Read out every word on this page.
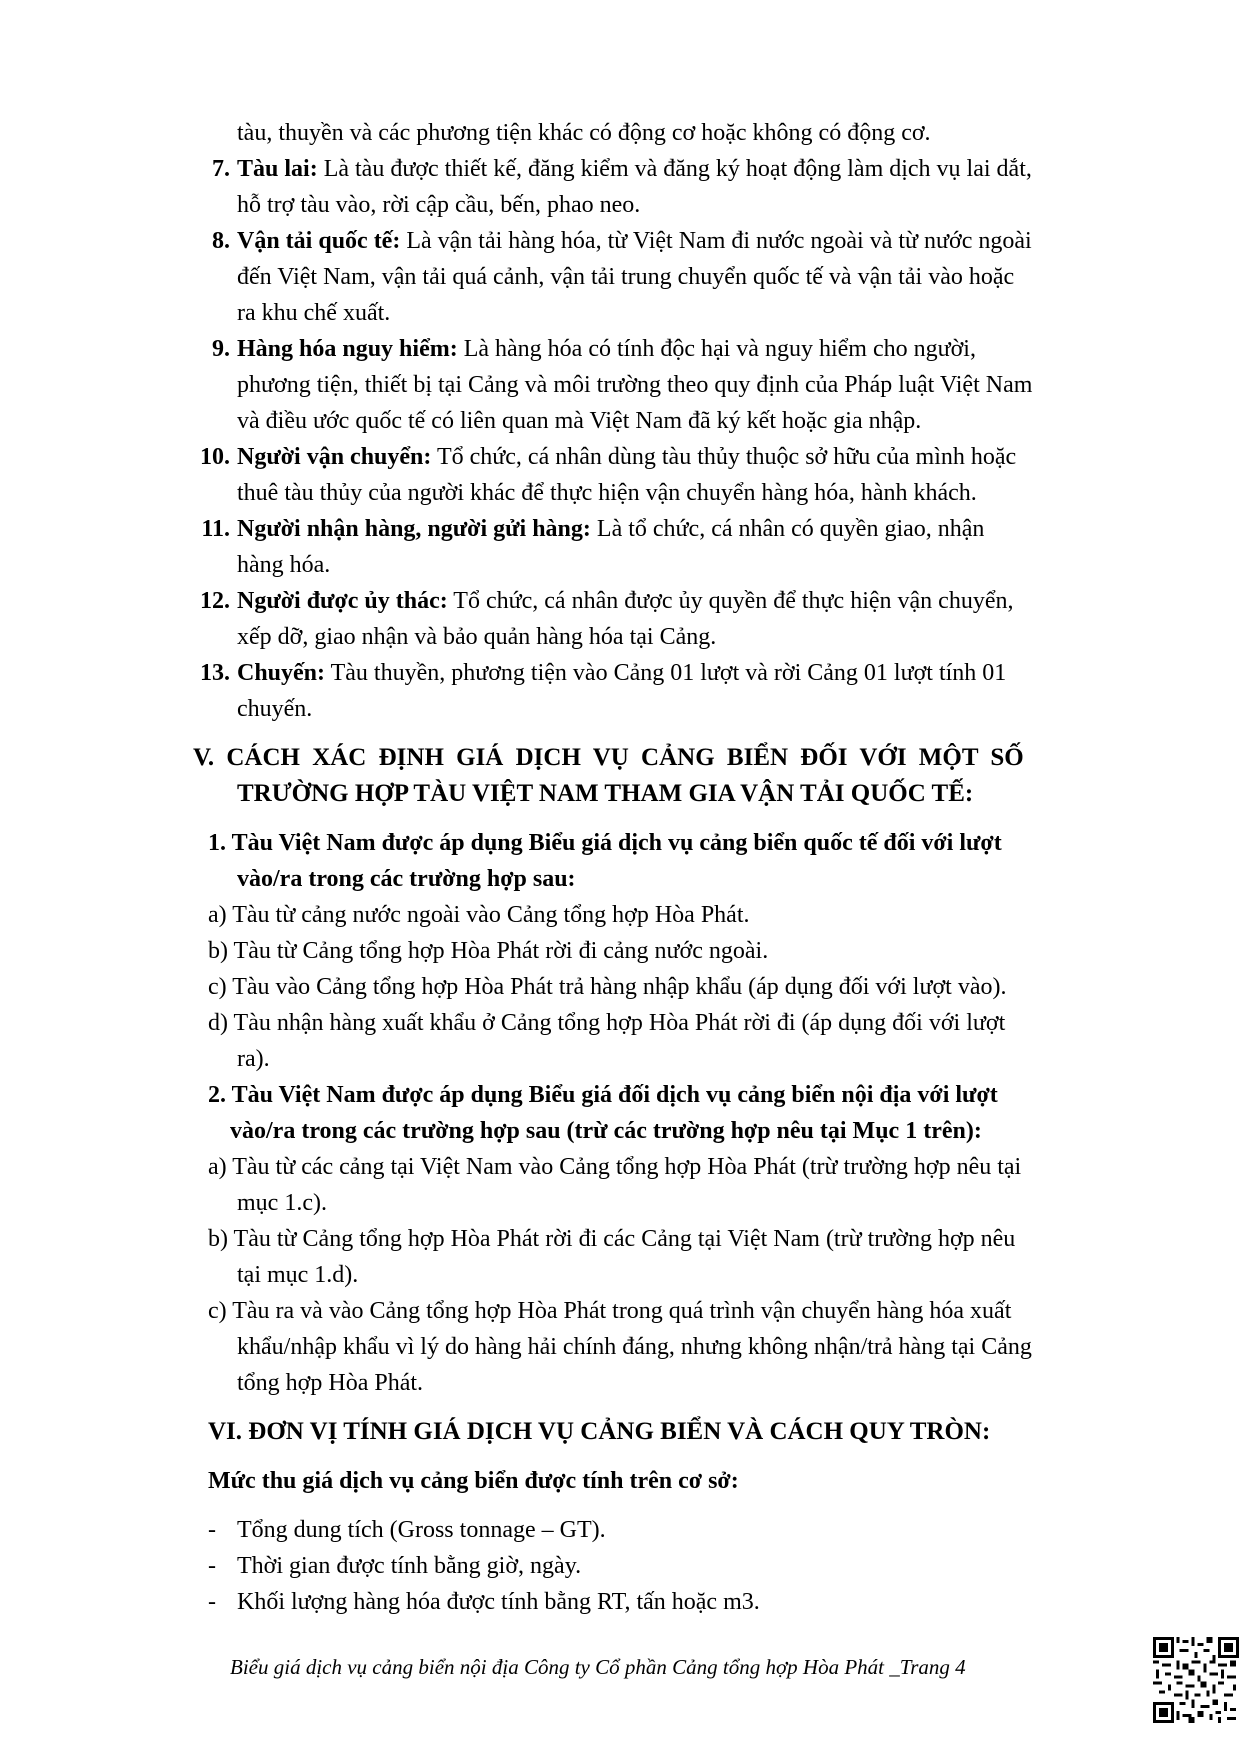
tàu, thuyền và các phương tiện khác có động cơ hoặc không có động cơ.
7. Tàu lai: Là tàu được thiết kế, đăng kiểm và đăng ký hoạt động làm dịch vụ lai dắt,
hỗ trợ tàu vào, rời cập cầu, bến, phao neo.
8. Vận tải quốc tế: Là vận tải hàng hóa, từ Việt Nam đi nước ngoài và từ nước ngoài
đến Việt Nam, vận tải quá cảnh, vận tải trung chuyển quốc tế và vận tải vào hoặc
ra khu chế xuất.
9. Hàng hóa nguy hiểm: Là hàng hóa có tính độc hại và nguy hiểm cho người,
phương tiện, thiết bị tại Cảng và môi trường theo quy định của Pháp luật Việt Nam
và điều ước quốc tế có liên quan mà Việt Nam đã ký kết hoặc gia nhập.
10. Người vận chuyển: Tổ chức, cá nhân dùng tàu thủy thuộc sở hữu của mình hoặc
thuê tàu thủy của người khác để thực hiện vận chuyển hàng hóa, hành khách.
11. Người nhận hàng, người gửi hàng: Là tổ chức, cá nhân có quyền giao, nhận
hàng hóa.
12. Người được ủy thác: Tổ chức, cá nhân được ủy quyền để thực hiện vận chuyển,
xếp dỡ, giao nhận và bảo quản hàng hóa tại Cảng.
13. Chuyến: Tàu thuyền, phương tiện vào Cảng 01 lượt và rời Cảng 01 lượt tính 01
chuyến.
V. CÁCH XÁC ĐỊNH GIÁ DỊCH VỤ CẢNG BIỂN ĐỐI VỚI MỘT SỐ
TRƯỜNG HỢP TÀU VIỆT NAM THAM GIA VẬN TẢI QUỐC TẾ:
1. Tàu Việt Nam được áp dụng Biểu giá dịch vụ cảng biển quốc tế đối với lượt
vào/ra trong các trường hợp sau:
a) Tàu từ cảng nước ngoài vào Cảng tổng hợp Hòa Phát.
b) Tàu từ Cảng tổng hợp Hòa Phát rời đi cảng nước ngoài.
c) Tàu vào Cảng tổng hợp Hòa Phát trả hàng nhập khẩu (áp dụng đối với lượt vào).
d) Tàu nhận hàng xuất khẩu ở Cảng tổng hợp Hòa Phát rời đi (áp dụng đối với lượt
ra).
2. Tàu Việt Nam được áp dụng Biểu giá đối dịch vụ cảng biển nội địa với lượt
vào/ra trong các trường hợp sau (trừ các trường hợp nêu tại Mục 1 trên):
a) Tàu từ các cảng tại Việt Nam vào Cảng tổng hợp Hòa Phát (trừ trường hợp nêu tại
mục 1.c).
b) Tàu từ Cảng tổng hợp Hòa Phát rời đi các Cảng tại Việt Nam (trừ trường hợp nêu
tại mục 1.d).
c) Tàu ra và vào Cảng tổng hợp Hòa Phát trong quá trình vận chuyển hàng hóa xuất
khẩu/nhập khẩu vì lý do hàng hải chính đáng, nhưng không nhận/trả hàng tại Cảng
tổng hợp Hòa Phát.
VI. ĐƠN VỊ TÍNH GIÁ DỊCH VỤ CẢNG BIỂN VÀ CÁCH QUY TRÒN:
Mức thu giá dịch vụ cảng biển được tính trên cơ sở:
- Tổng dung tích (Gross tonnage – GT).
- Thời gian được tính bằng giờ, ngày.
- Khối lượng hàng hóa được tính bằng RT, tấn hoặc m3.
Biểu giá dịch vụ cảng biển nội địa Công ty Cổ phần Cảng tổng hợp Hòa Phát _Trang 4
